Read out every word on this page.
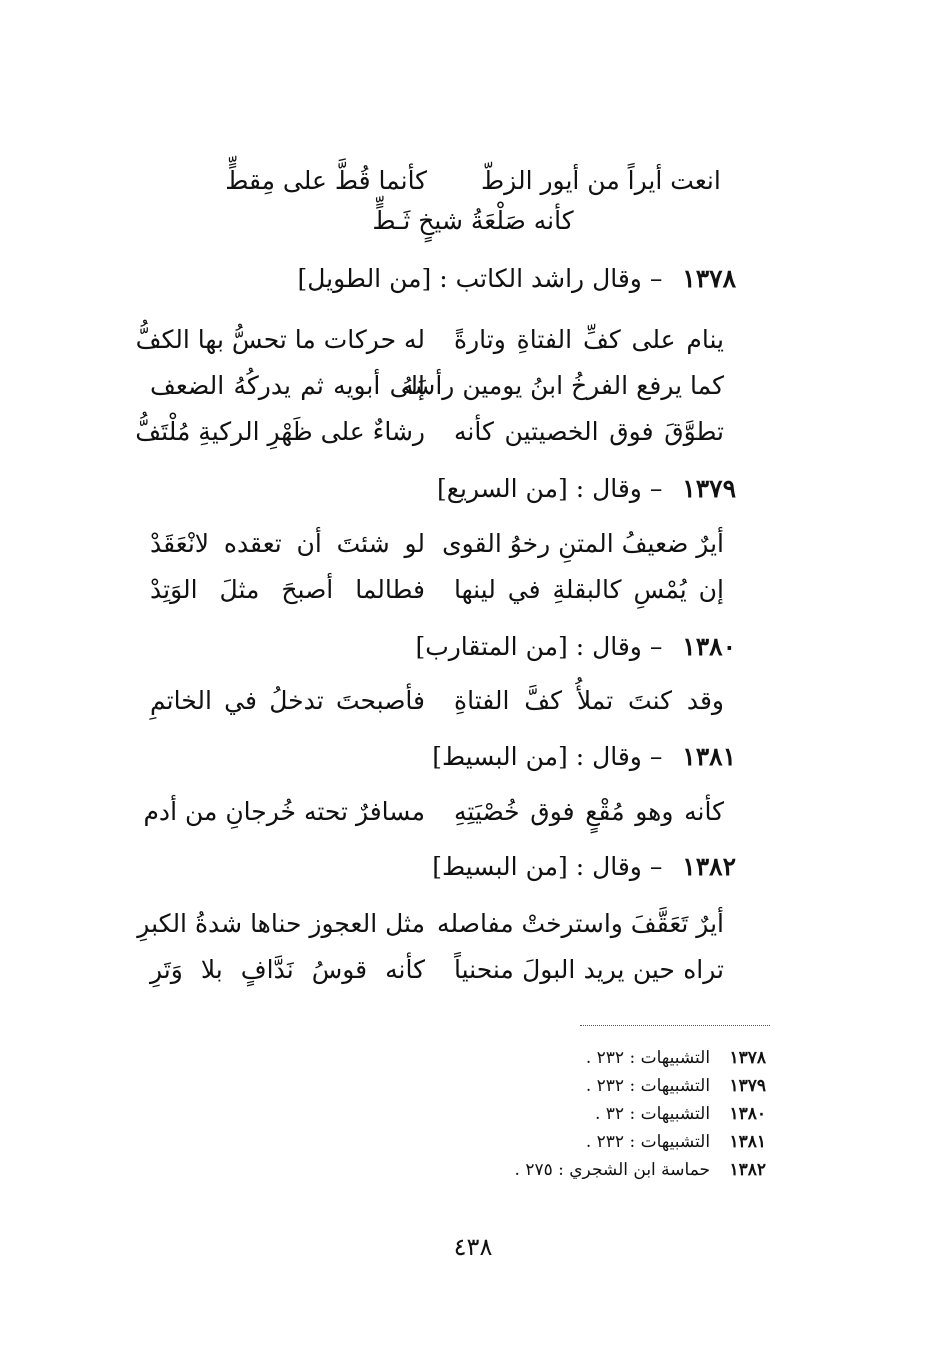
انعت أيراً من أيور الزطّ كأنما قُطَّ على مِقطٍّ
كأنه صَلْعَةُ شيخٍ ثَـطٍّ
١٣٧٨ – وقال راشد الكاتب : [من الطويل]
ينام على كفِّ الفتاةِ وتارةً
له حركات ما تحسُّ بها الكفُّ
كما يرفع الفرخُ ابنُ يومين رأسَهُ
إلى أبويه ثم يدركُهُ الضعف
تطوَّقَ فوق الخصيتين كأنه
رشاءٌ على ظَهْرِ الركيةِ مُلْتَفُّ
١٣٧٩ – وقال : [من السريع]
أيرٌ ضعيفُ المتنِ رخوُ القوى
لو شئتَ أن تعقده لانْعَقَدْ
إن يُمْسِ كالبقلةِ في لينها
فطالما أصبحَ مثلَ الوَتِدْ
١٣٨٠ – وقال : [من المتقارب]
وقد كنتَ تملأُ كفَّ الفتاةِ
فأصبحتَ تدخلُ في الخاتمِ
١٣٨١ – وقال : [من البسيط]
كأنه وهو مُقْعٍ فوق خُصْيَتِهِ
مسافرٌ تحته خُرجانِ من أدم
١٣٨٢ – وقال : [من البسيط]
أيرٌ تَعَقَّفَ واسترختْ مفاصله
مثل العجوز حناها شدةُ الكبرِ
تراه حين يريد البولَ منحنياً
كأنه قوسُ نَدَّافٍ بلا وَتَرِ
١٣٧٨ التشبيهات : ٢٣٢ .
١٣٧٩ التشبيهات : ٢٣٢ .
١٣٨٠ التشبيهات : ٣٢ .
١٣٨١ التشبيهات : ٢٣٢ .
١٣٨٢ حماسة ابن الشجري : ٢٧٥ .
٤٣٨
